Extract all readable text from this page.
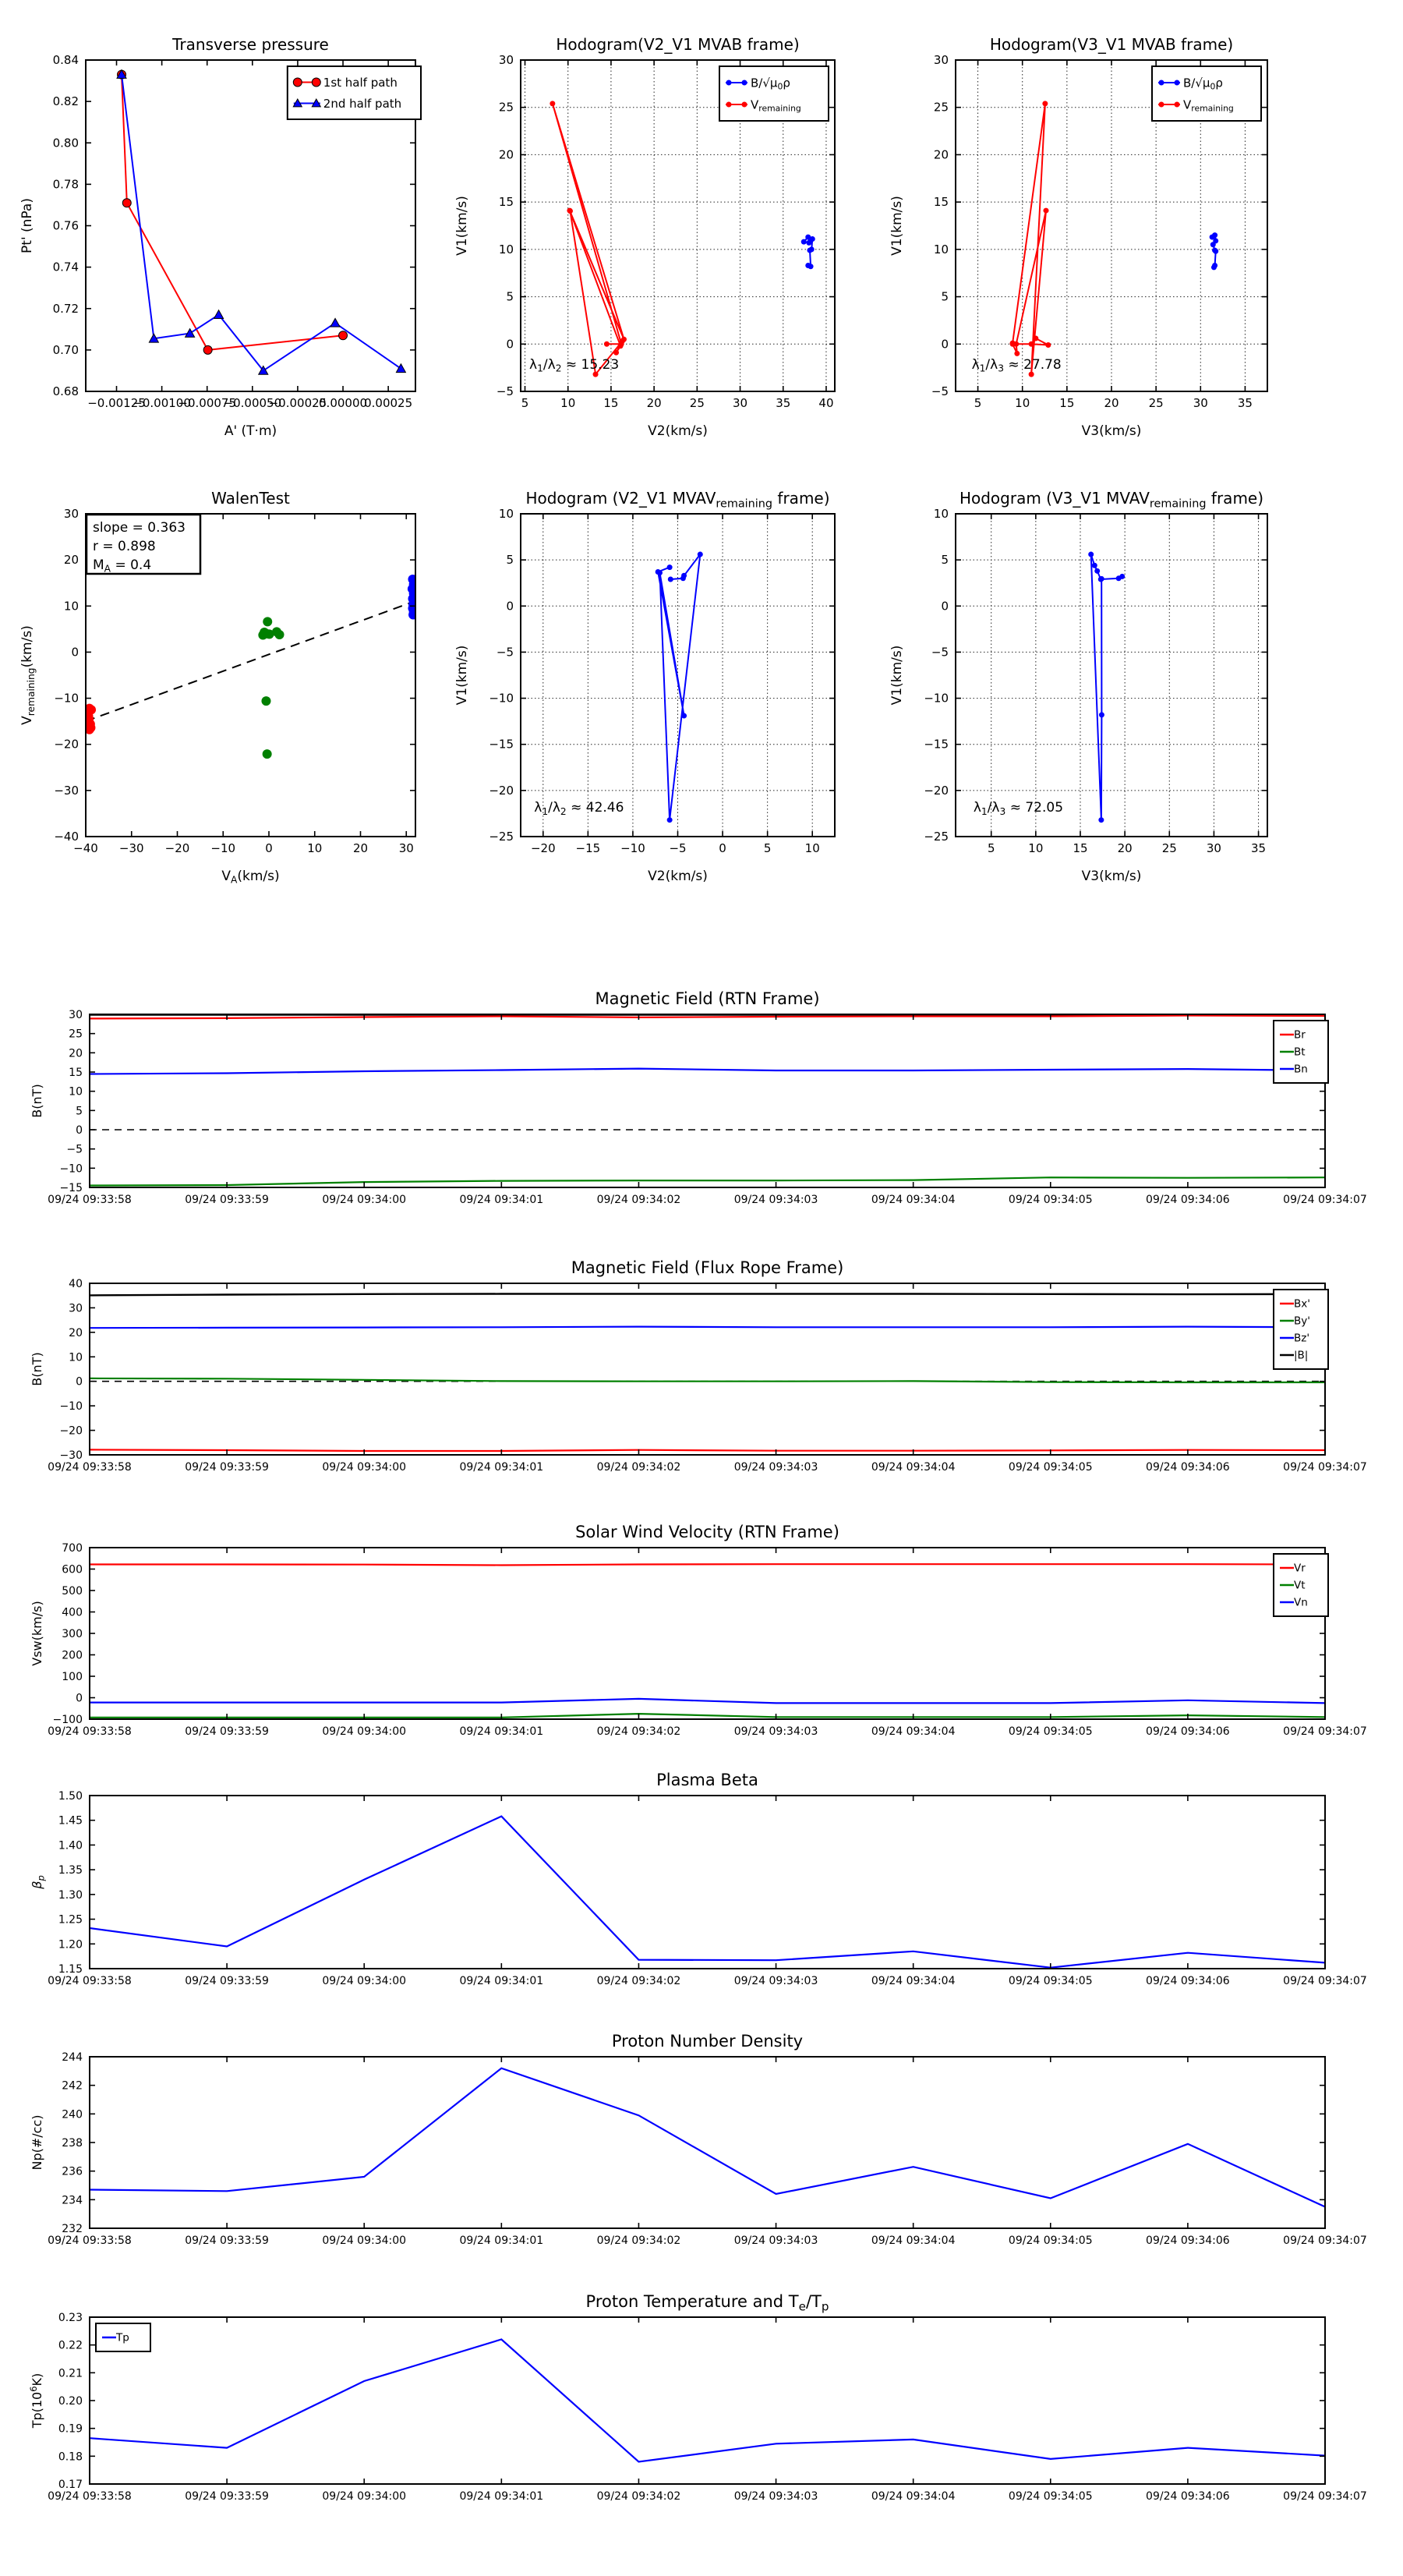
−0.00125
−0.00100
−0.00075
−0.00050
−0.00025
0.00000
0.00025
0.68
0.70
0.72
0.74
0.76
0.78
0.80
0.82
0.84
Transverse pressure
A' (T·m)
Pt' (nPa)
1st half path
2nd half path
5	10 15 20 25 30 35 40
−5
0
5
10
15
20
25
30
Hodogram(V2_V1 MVAB frame)
V2(km/s)
V1(km/s)
$\lambda_1/\lambda_2 \approx 15.23$
$B/√\mu_0\rho$
$V_{remaining}$
5	10	15	20	25	30	35
−5
0
5
10
15
20
25
30
Hodogram(V3_V1 MVAB frame)
V3(km/s)
V1(km/s)
$\lambda_1/\lambda_3 \approx 27.78$
$B/√\mu_0\rho$
$V_{remaining}$
−40 −30 −20 −10	0	10	20	30
−40
−30
−20
−10
0
10
20
30
WalenTest
$V_A(km/s)$
$V_{remaining}(km/s)$
slope = 0.363
r = 0.898
$M_A = 0.4$
−20 −15 −10 −5	0	5	10
−25
−20
−15
−10
−5
0
5
10
Hodogram (V2_V1 $MVAV_{remaining}$ frame)
V2(km/s)
V1(km/s)
$\lambda_1/\lambda_2 \approx 42.46$
5	10	15	20	25	30	35
−25
−20
−15
−10
−5
0
5
10
Hodogram (V3_V1 $MVAV_{remaining}$ frame)
V3(km/s)
V1(km/s)
$\lambda_1/\lambda_3 \approx 72.05$
09/24 09:33:58	09/24 09:33:59	09/24 09:34:00	09/24 09:34:01	09/24 09:34:02	09/24 09:34:03	09/24 09:34:04	09/24 09:34:05	09/24 09:34:06	09/24 09:34:07
−15
−10
−5
0
5
10
15
20
25
30
Magnetic Field (RTN Frame)
B(nT)
Br
Bt
Bn
09/24 09:33:58	09/24 09:33:59	09/24 09:34:00	09/24 09:34:01	09/24 09:34:02	09/24 09:34:03	09/24 09:34:04	09/24 09:34:05	09/24 09:34:06	09/24 09:34:07
−30
−20
−10
0
10
20
30
40
Magnetic Field (Flux Rope Frame)
B(nT)
Bx'
By'
Bz'
|B|
09/24 09:33:58	09/24 09:33:59	09/24 09:34:00	09/24 09:34:01	09/24 09:34:02	09/24 09:34:03	09/24 09:34:04	09/24 09:34:05	09/24 09:34:06	09/24 09:34:07
−100
0
100
200
300
400
500
600
700
Solar Wind Velocity (RTN Frame)
Vsw(km/s)
Vr
Vt
Vn
09/24 09:33:58	09/24 09:33:59	09/24 09:34:00	09/24 09:34:01	09/24 09:34:02	09/24 09:34:03	09/24 09:34:04	09/24 09:34:05	09/24 09:34:06	09/24 09:34:07
1.15
1.20
1.25
1.30
1.35
1.40
1.45
1.50
Plasma Beta
$\beta_p$
09/24 09:33:58	09/24 09:33:59	09/24 09:34:00	09/24 09:34:01	09/24 09:34:02	09/24 09:34:03	09/24 09:34:04	09/24 09:34:05	09/24 09:34:06	09/24 09:34:07
232
234
236
238
240
242
244
Proton Number Density
Np(#/cc)
09/24 09:33:58	09/24 09:33:59	09/24 09:34:00	09/24 09:34:01	09/24 09:34:02	09/24 09:34:03	09/24 09:34:04	09/24 09:34:05	09/24 09:34:06	09/24 09:34:07
0.17
0.18
0.19
0.20
0.21
0.22
0.23
Proton Temperature and $T_e/T_p$
$Tp(10^6K)$
Tp
